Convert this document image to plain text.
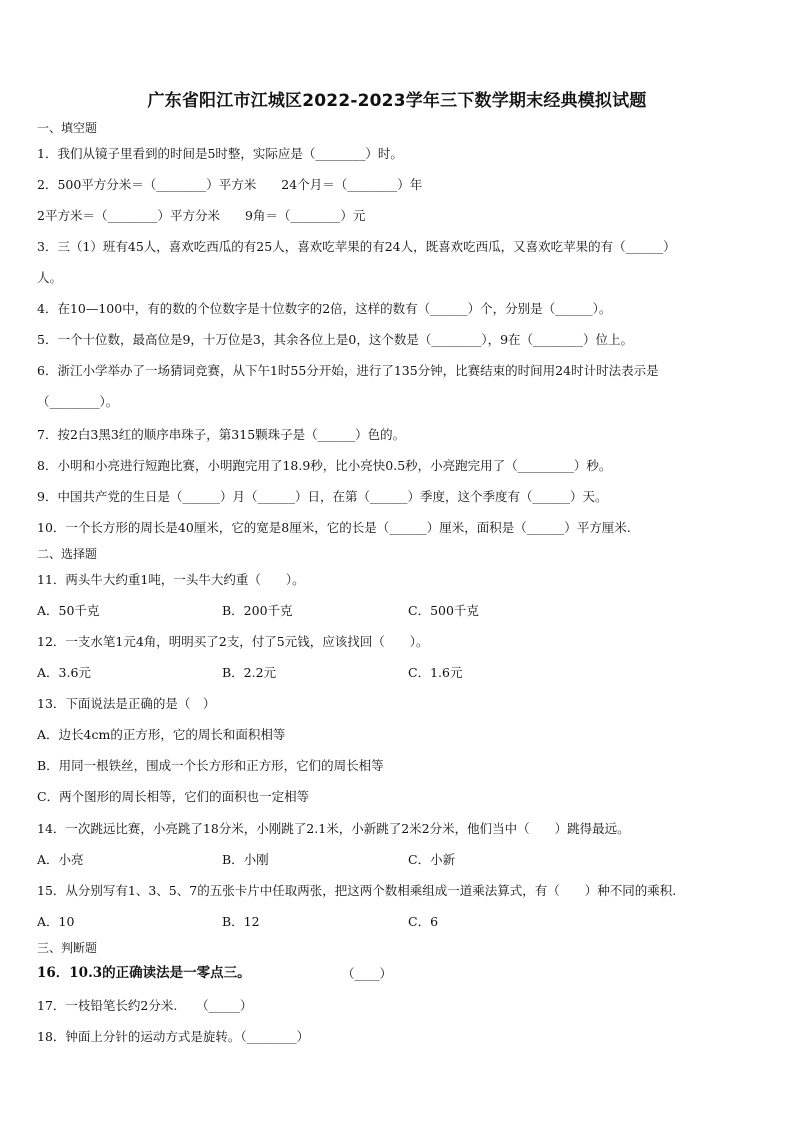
广东省阳江市江城区2022-2023学年三下数学期末经典模拟试题
一、填空题
1．我们从镜子里看到的时间是5时整，实际应是（________）时。
2．500平方分米＝（________）平方米　　24个月＝（________）年
2平方米＝（________）平方分米　　9角＝（________）元
3．三（1）班有45人，喜欢吃西瓜的有25人，喜欢吃苹果的有24人，既喜欢吃西瓜，又喜欢吃苹果的有（______）
人。
4．在10—100中，有的数的个位数字是十位数字的2倍，这样的数有（______）个，分别是（______）。
5．一个十位数，最高位是9，十万位是3，其余各位上是0，这个数是（________），9在（________）位上。
6．浙江小学举办了一场猜词竞赛，从下午1时55分开始，进行了135分钟，比赛结束的时间用24时计时法表示是
（________）。
7．按2白3黑3红的顺序串珠子，第315颗珠子是（______）色的。
8．小明和小亮进行短跑比赛，小明跑完用了18.9秒，比小亮快0.5秒，小亮跑完用了（_________）秒。
9．中国共产党的生日是（______）月（______）日，在第（______）季度，这个季度有（______）天。
10．一个长方形的周长是40厘米，它的宽是8厘米，它的长是（______）厘米，面积是（______）平方厘米.
二、选择题
11．两头牛大约重1吨，一头牛大约重（　　）。
A．50千克	B．200千克	C．500千克
12．一支水笔1元4角，明明买了2支，付了5元钱，应该找回（　　）。
A．3.6元	B．2.2元	C．1.6元
13．下面说法是正确的是（　）
A．边长4cm的正方形，它的周长和面积相等
B．用同一根铁丝，围成一个长方形和正方形，它们的周长相等
C．两个图形的周长相等，它们的面积也一定相等
14．一次跳远比赛，小亮跳了18分米，小刚跳了2.1米，小新跳了2米2分米，他们当中（　　）跳得最远。
A．小亮	B．小刚	C．小新
15．从分别写有1、3、5、7的五张卡片中任取两张，把这两个数相乘组成一道乘法算式，有（　　）种不同的乘积.
A．10	B．12	C．6
三、判断题
16．10.3的正确读法是一零点三。	（____）
17．一枝铅笔长约2分米.　　（_____）
18．钟面上分针的运动方式是旋转。（________）
